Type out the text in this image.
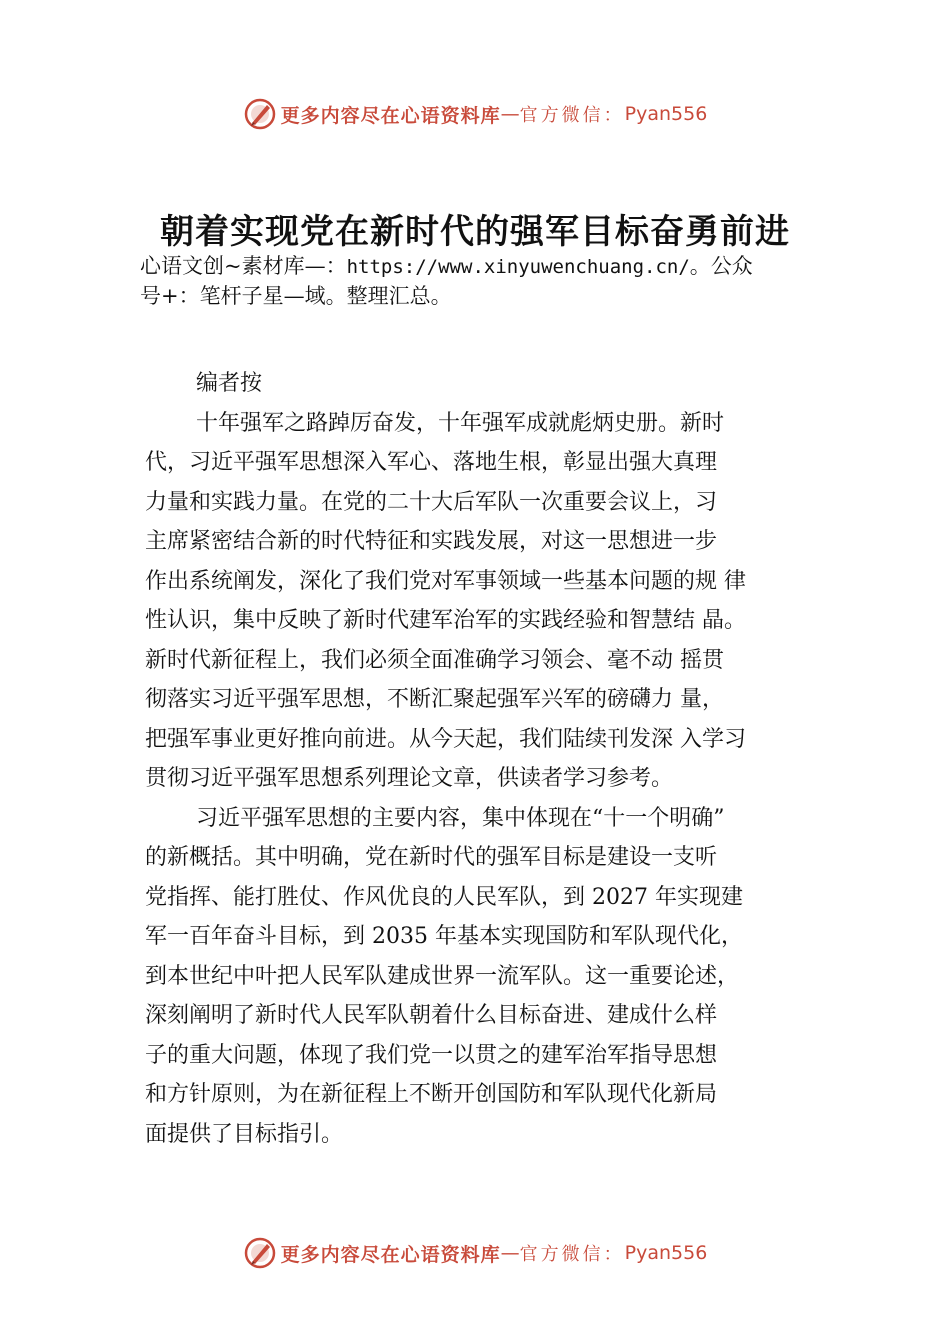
更多内容尽在心语资料库 — 官方微信： Pyan556
朝着实现党在新时代的强军目标奋勇前进
心语文创~素材库—：https://www.xinyuwenchuang.cn/。公众
号+：笔杆子星—域。整理汇总。
编者按
十年强军之路踔厉奋发，十年强军成就彪炳史册。新时
代，习近平强军思想深入军心、落地生根，彰显出强大真理
力量和实践力量。在党的二十大后军队一次重要会议上，习
主席紧密结合新的时代特征和实践发展，对这一思想进一步
作出系统阐发，深化了我们党对军事领域一些基本问题的规 律
性认识，集中反映了新时代建军治军的实践经验和智慧结 晶。
新时代新征程上，我们必须全面准确学习领会、毫不动 摇贯
彻落实习近平强军思想，不断汇聚起强军兴军的磅礴力 量，
把强军事业更好推向前进。从今天起，我们陆续刊发深 入学习
贯彻习近平强军思想系列理论文章，供读者学习参考。
习近平强军思想的主要内容，集中体现在“十一个明确”
的新概括。其中明确，党在新时代的强军目标是建设一支听
党指挥、能打胜仗、作风优良的人民军队，到 2027 年实现建
军一百年奋斗目标，到 2035 年基本实现国防和军队现代化，
到本世纪中叶把人民军队建成世界一流军队。这一重要论述，
深刻阐明了新时代人民军队朝着什么目标奋进、建成什么样
子的重大问题，体现了我们党一以贯之的建军治军指导思想
和方针原则，为在新征程上不断开创国防和军队现代化新局
面提供了目标指引。
更多内容尽在心语资料库 — 官方微信： Pyan556
